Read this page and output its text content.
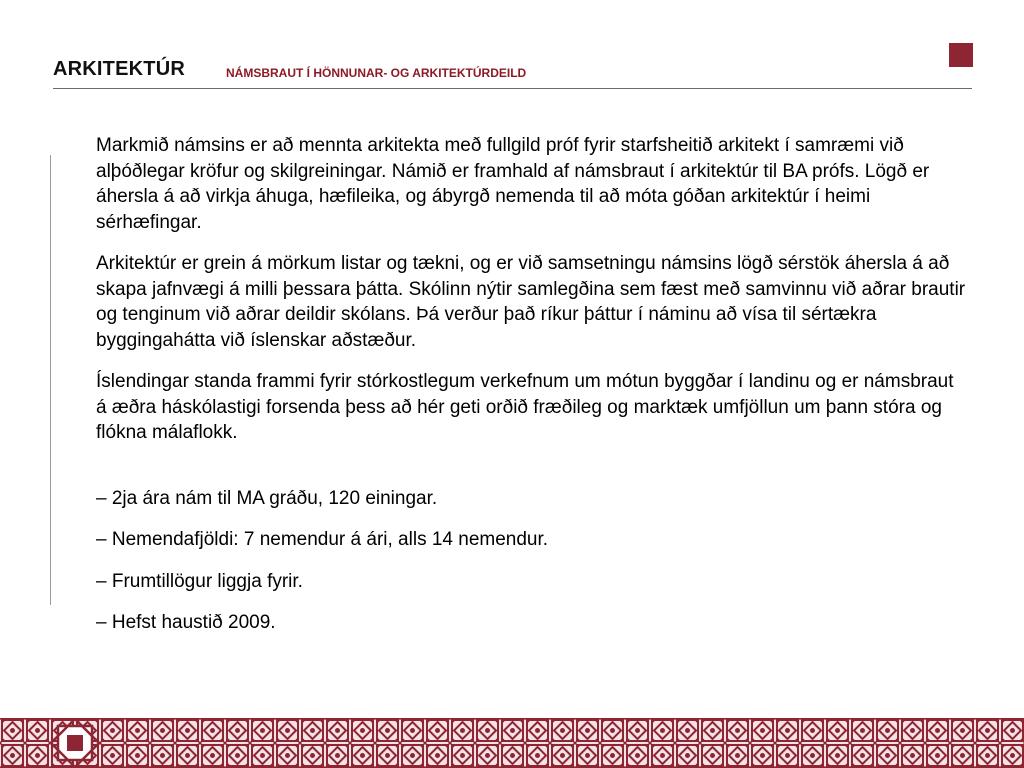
ARKITEKTÚR	NÁMSBRAUT Í HÖNNUNAR- OG ARKITEKTÚRDEILD

Markmið námsins er að mennta arkitekta með fullgild próf fyrir starfsheitið arkitekt í samræmi við alþóðlegar kröfur og skilgreiningar. Námið er framhald af námsbraut í arkitektúr til BA prófs. Lögð er áhersla á að virkja áhuga, hæfileika, og ábyrgð nemenda til að móta góðan arkitektúr í heimi sérhæfingar.

Arkitektúr er grein á mörkum listar og tækni, og er við samsetningu námsins lögð sérstök áhersla á að skapa jafnvægi á milli þessara þátta. Skólinn nýtir samlegðina sem fæst með samvinnu við aðrar brautir og tenginum við aðrar deildir skólans. Þá verður það ríkur þáttur í náminu að vísa til sértækra byggingahátta við íslenskar aðstæður.

Íslendingar standa frammi fyrir stórkostlegum verkefnum um mótun byggðar í landinu og er námsbraut á æðra háskólastigi forsenda þess að hér geti orðið fræðileg og marktæk umfjöllun um þann stóra og flókna málaflokk.

– 2ja ára nám til MA gráðu, 120 einingar.
– Nemendafjöldi: 7 nemendur á ári, alls 14 nemendur.
– Frumtillögur liggja fyrir.
– Hefst haustið 2009.
